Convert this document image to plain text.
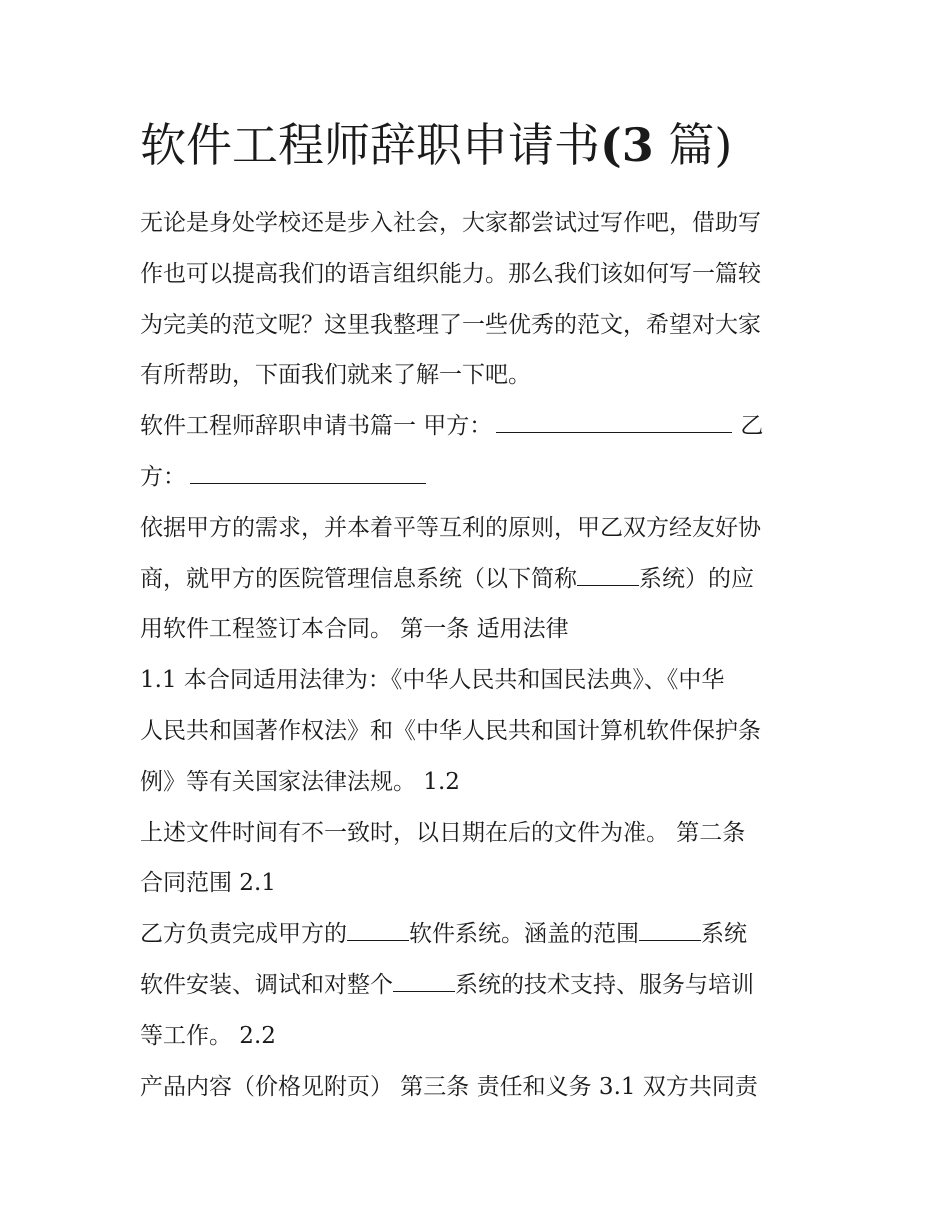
软件工程师辞职申请书(3 篇)
无论是身处学校还是步入社会，大家都尝试过写作吧，借助写
作也可以提高我们的语言组织能力。那么我们该如何写一篇较
为完美的范文呢？这里我整理了一些优秀的范文，希望对大家
有所帮助，下面我们就来了解一下吧。
软件工程师辞职申请书篇一 甲方：	乙
方：
依据甲方的需求，并本着平等互利的原则，甲乙双方经友好协
商，就甲方的医院管理信息系统（以下简称	系统）的应
用软件工程签订本合同。 第一条 适用法律
1.1 本合同适用法律为：《中华人民共和国民法典》、《中华
人民共和国著作权法》和《中华人民共和国计算机软件保护条
例》等有关国家法律法规。 1.2
上述文件时间有不一致时，以日期在后的文件为准。 第二条
合同范围 2.1
乙方负责完成甲方的	软件系统。涵盖的范围	系统
软件安装、调试和对整个	系统的技术支持、服务与培训
等工作。 2.2
产品内容（价格见附页） 第三条 责任和义务 3.1 双方共同责
